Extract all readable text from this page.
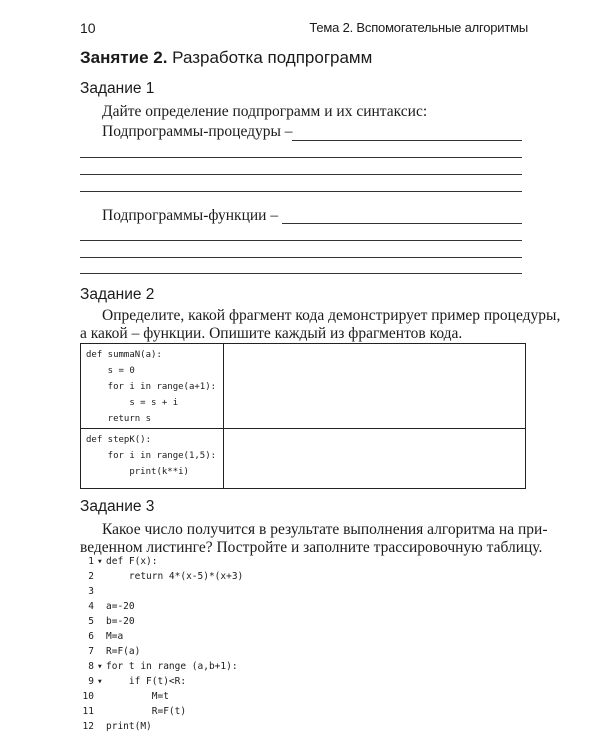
10	Тема 2. Вспомогательные алгоритмы
Занятие 2. Разработка подпрограмм
Задание 1
Дайте определение подпрограмм и их синтаксис:
Подпрограммы-процедуры –
Подпрограммы-функции –
Задание 2
Определите, какой фрагмент кода демонстрирует пример процедуры,
а какой – функции. Опишите каждый из фрагментов кода.
def summaN(a):
s = 0
for i in range(a+1):
s = s + i
return s
def stepK():
for i in range(1,5):
print(k**i)
Задание 3
Какое число получится в результате выполнения алгоритма на при-
веденном листинге? Постройте и заполните трассировочную таблицу.
1 ▾ def F(x):
2 return 4*(x-5)*(x+3)
3
4 a=-20
5 b=-20
6 M=a
7 R=F(a)
8 ▾ for t in range (a,b+1):
9 ▾ if F(t)<R:
10 M=t
11 R=F(t)
12 print(M)
